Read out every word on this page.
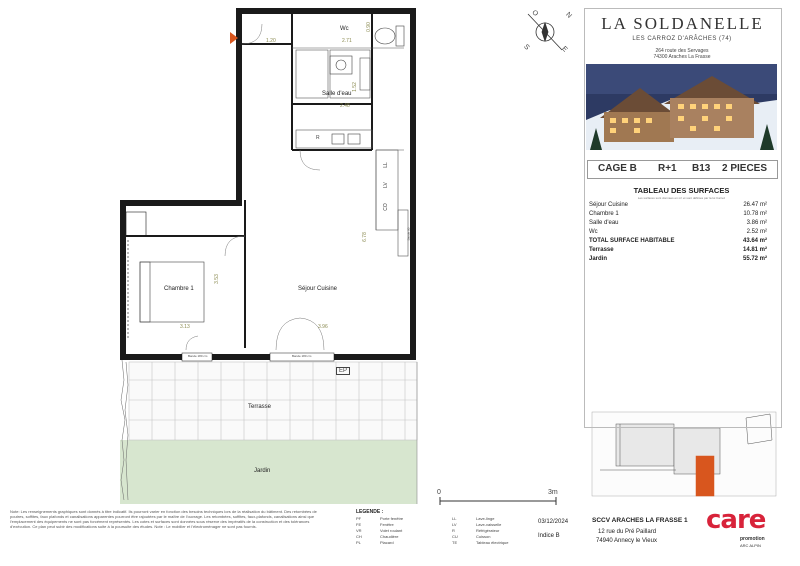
Wc
Salle d'eau
Chambre 1	Séjour Cuisine
Terrasse
Jardin
1.20	2.71
0.90
1.52
2.48
6.78
3.53
3.13	3.96
R
LV
LL
CO
EP
Bande 180 cm	Bande 180 cm
Bande 90
N
S	E
O
0	3m
LA SOLDANELLE
LES CARROZ D'ARÂCHES (74)
264 route des Servages
74300 Araches La Frasse
CAGE B R+1 B13 2 PIECES
TABLEAU DES SURFACES
Les surfaces sont données en m² et sont définies par la loi Carrez
Séjour Cuisine	26.47 m²
Chambre 1	10.78 m²
Salle d'eau	3.86 m²
Wc	2.52 m²
TOTAL SURFACE HABITABLE	43.64 m²
Terrasse	14.81 m²
Jardin	55.72 m²
Note: Les renseignements graphiques sont donnés à titre indicatif. Ils pourront varier en fonction des besoins techniques lors de la réalisation du bâtiment. Des retombées de poutres, soffites, faux plafonds et canalisations apparentes pourront être rajoutées par le maître de l'ouvrage. Les retombées, soffites, faux-plafonds, canalisations ainsi que l'emplacement des équipements ne sont pas forcément représentés. Les cotes et surfaces sont données sous réserve des impératifs de la construction et des tolérances d'exécution. Ce plan peut subir des modifications suite à la poursuite des études. Note : Le mobilier et l'électroménager ne sont pas fournis.
LEGENDE :
PF	Porte fenêtre
FE	Fenêtre
VR	Volet roulant
CH	Chaudière
PL	Placard
LL	Lave-linge
LV	Lave-vaisselle
R	Réfrigérateur
CU	Cuisson
TE	Tableau électrique
03/12/2024
Indice B
SCCV ARACHES LA FRASSE 1
12 rue du Pré Paillard
74940 Annecy le Vieux
care
promotion
ARC ALPIN
